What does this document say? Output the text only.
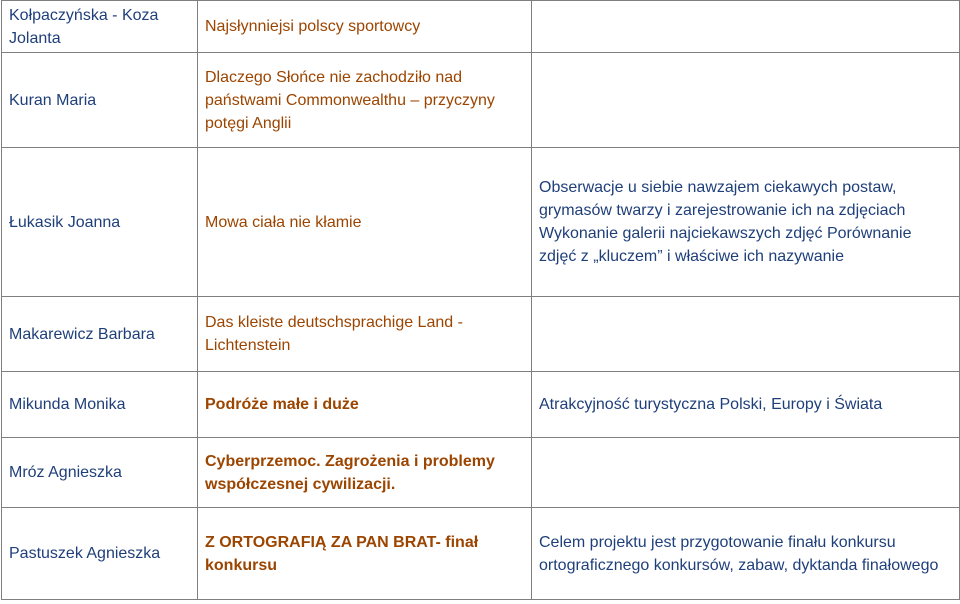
Kołpaczyńska - Koza Jolanta	Najsłynniejsi polscy sportowcy	

Kuran Maria	Dlaczego Słońce nie zachodziło nad państwami Commonwealthu – przyczyny potęgi Anglii	

Łukasik Joanna	Mowa ciała nie kłamie	Obserwacje u siebie nawzajem ciekawych postaw, grymasów twarzy i zarejestrowanie ich na zdjęciach Wykonanie galerii najciekawszych zdjęć Porównanie zdjęć z „kluczem” i właściwe ich nazywanie

Makarewicz Barbara	Das kleiste deutschsprachige Land - Lichtenstein	

Mikunda Monika	Podróże małe i duże	Atrakcyjność turystyczna Polski, Europy i Świata

Mróz Agnieszka	Cyberprzemoc. Zagrożenia i problemy współczesnej cywilizacji.	

Pastuszek Agnieszka	Z ORTOGRAFIĄ ZA PAN BRAT- finał konkursu	Celem projektu jest przygotowanie finału konkursu ortograficznego konkursów, zabaw, dyktanda finałowego
